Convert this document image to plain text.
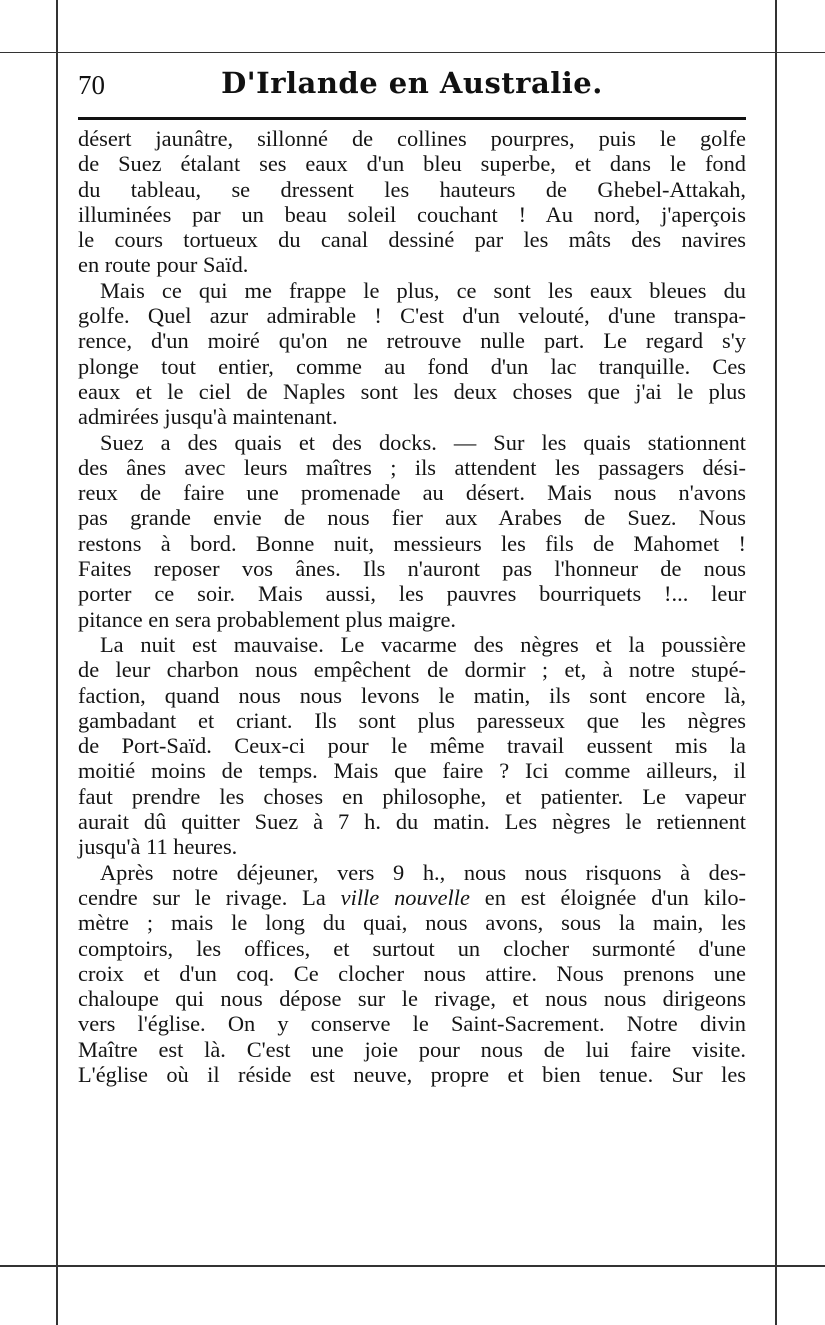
70	D'Irlande en Australie.
désert jaunâtre, sillonné de collines pourpres, puis le golfe
de Suez étalant ses eaux d'un bleu superbe, et dans le fond
du tableau, se dressent les hauteurs de Ghebel-Attakah,
illuminées par un beau soleil couchant ! Au nord, j'aperçois
le cours tortueux du canal dessiné par les mâts des navires
en route pour Saïd.
Mais ce qui me frappe le plus, ce sont les eaux bleues du
golfe. Quel azur admirable ! C'est d'un velouté, d'une transpa-
rence, d'un moiré qu'on ne retrouve nulle part. Le regard s'y
plonge tout entier, comme au fond d'un lac tranquille. Ces
eaux et le ciel de Naples sont les deux choses que j'ai le plus
admirées jusqu'à maintenant.
Suez a des quais et des docks. — Sur les quais stationnent
des ânes avec leurs maîtres ; ils attendent les passagers dési-
reux de faire une promenade au désert. Mais nous n'avons
pas grande envie de nous fier aux Arabes de Suez. Nous
restons à bord. Bonne nuit, messieurs les fils de Mahomet !
Faites reposer vos ânes. Ils n'auront pas l'honneur de nous
porter ce soir. Mais aussi, les pauvres bourriquets !... leur
pitance en sera probablement plus maigre.
La nuit est mauvaise. Le vacarme des nègres et la poussière
de leur charbon nous empêchent de dormir ; et, à notre stupé-
faction, quand nous nous levons le matin, ils sont encore là,
gambadant et criant. Ils sont plus paresseux que les nègres
de Port-Saïd. Ceux-ci pour le même travail eussent mis la
moitié moins de temps. Mais que faire ? Ici comme ailleurs, il
faut prendre les choses en philosophe, et patienter. Le vapeur
aurait dû quitter Suez à 7 h. du matin. Les nègres le retiennent
jusqu'à 11 heures.
Après notre déjeuner, vers 9 h., nous nous risquons à des-
cendre sur le rivage. La ville nouvelle en est éloignée d'un kilo-
mètre ; mais le long du quai, nous avons, sous la main, les
comptoirs, les offices, et surtout un clocher surmonté d'une
croix et d'un coq. Ce clocher nous attire. Nous prenons une
chaloupe qui nous dépose sur le rivage, et nous nous dirigeons
vers l'église. On y conserve le Saint-Sacrement. Notre divin
Maître est là. C'est une joie pour nous de lui faire visite.
L'église où il réside est neuve, propre et bien tenue. Sur les
